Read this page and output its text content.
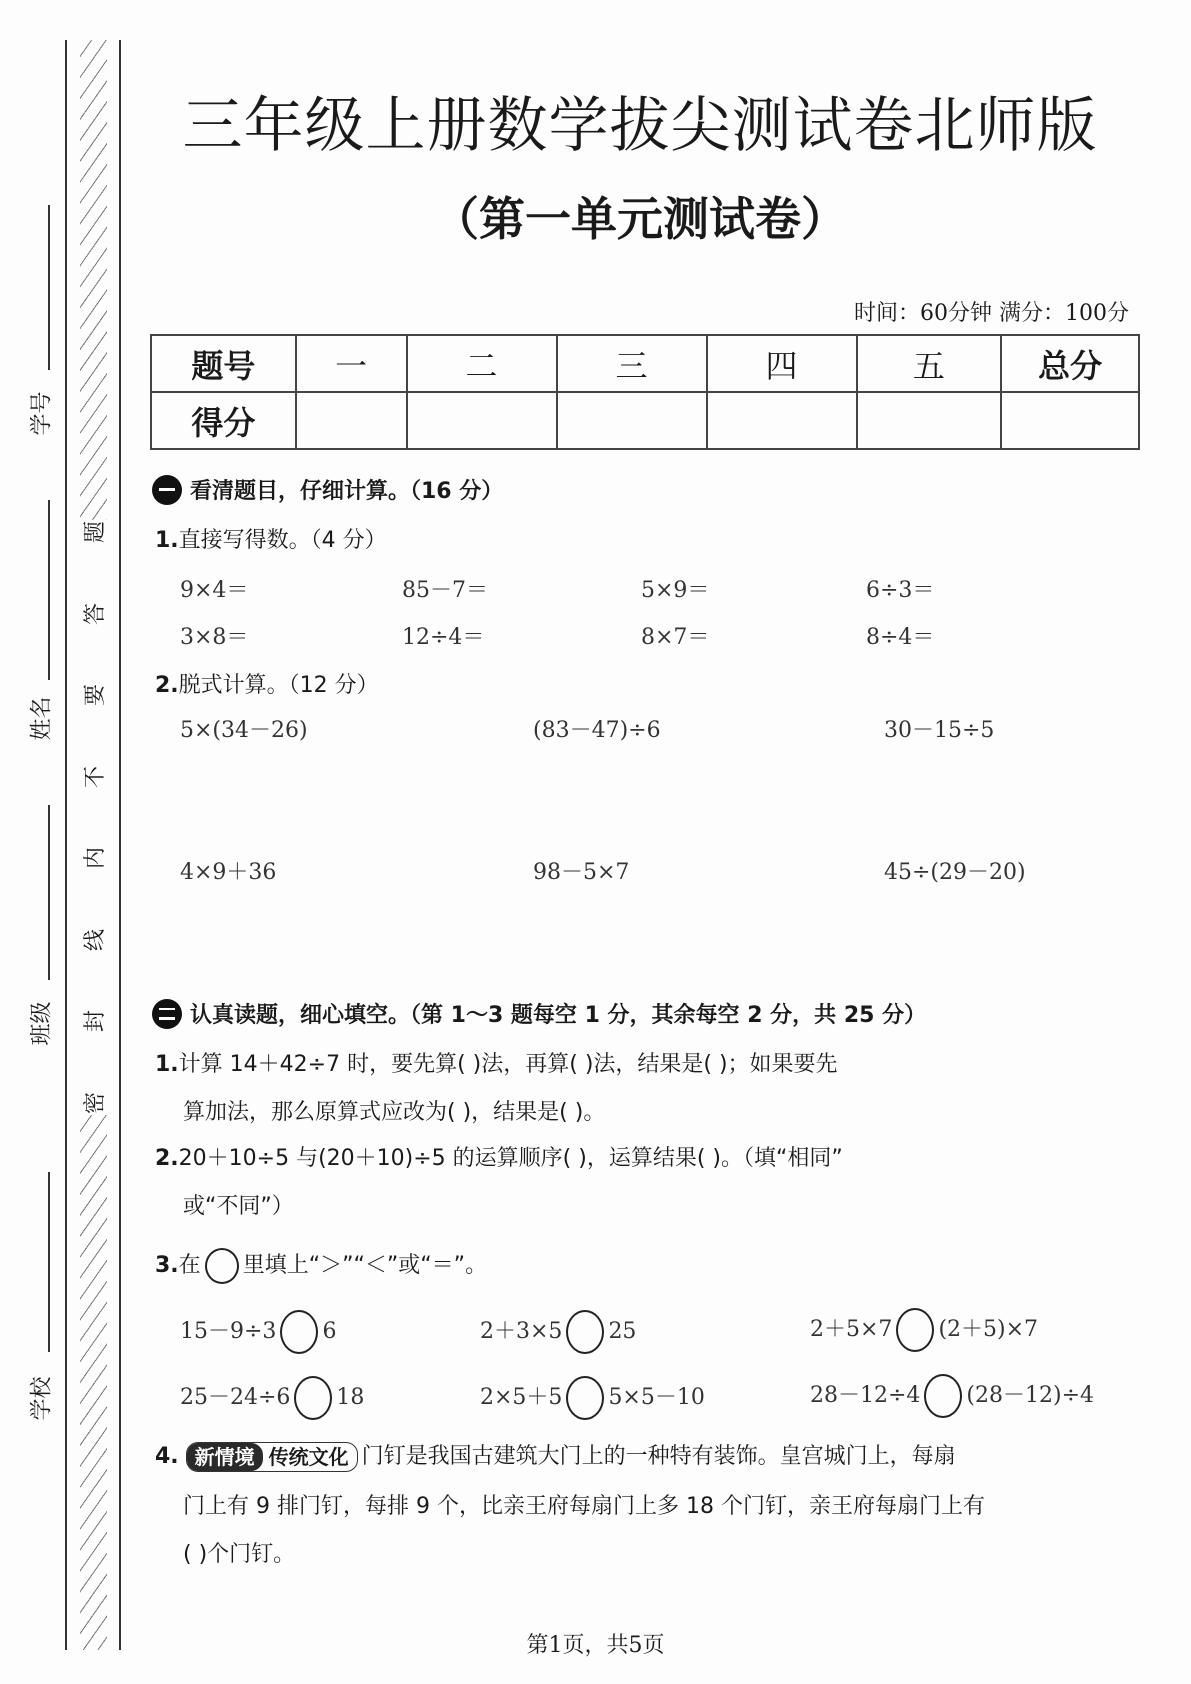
题
答
要
不
内
线
封
密
学号
姓名
班级
学校
三年级上册数学拔尖测试卷北师版
（第一单元测试卷）
时间：60分钟 满分：100分
题号	一	二	三	四	五	总分
得分						
看清题目，仔细计算。（16 分）
1.直接写得数。（4 分）
9×4＝	85－7＝	5×9＝	6÷3＝
3×8＝	12÷4＝	8×7＝	8÷4＝
2.脱式计算。（12 分）
5×(34－26)	(83－47)÷6	30－15÷5
4×9＋36	98－5×7	45÷(29－20)
认真读题，细心填空。（第 1～3 题每空 1 分，其余每空 2 分，共 25 分）
1.计算 14＋42÷7 时，要先算( )法，再算( )法，结果是( )；如果要先
算加法，那么原算式应改为( )，结果是( )。
2.20＋10÷5 与(20＋10)÷5 的运算顺序( )，运算结果( )。（填“相同”
或“不同”）
3.在 里填上“＞”“＜”或“＝”。
15－9÷3 6	2＋3×5 25	2＋5×7 (2＋5)×7
25－24÷6 18	2×5＋5 5×5－10	28－12÷4 (28－12)÷4
4. 新情境 传统文化 门钉是我国古建筑大门上的一种特有装饰。皇宫城门上，每扇
门上有 9 排门钉，每排 9 个，比亲王府每扇门上多 18 个门钉，亲王府每扇门上有
( )个门钉。
第1页，共5页
